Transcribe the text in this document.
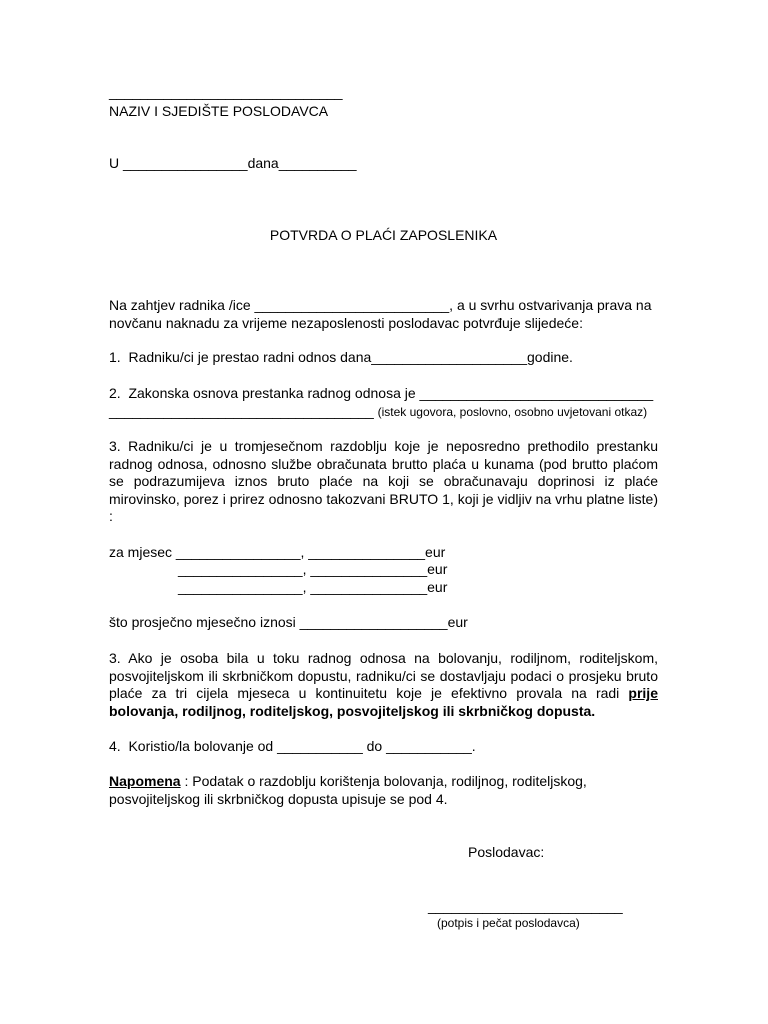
______________________________
NAZIV I SJEDIŠTE POSLODAVCA
U ________________dana__________
POTVRDA O PLAĆI ZAPOSLENIKA
Na zahtjev radnika /ice _________________________, a u svrhu ostvarivanja prava na
novčanu naknadu za vrijeme nezaposlenosti poslodavac potvrđuje slijedeće:
1.  Radniku/ci je prestao radni odnos dana____________________godine.
2.  Zakonska osnova prestanka radnog odnosa je ______________________________
__________________________________ (istek ugovora, poslovno, osobno uvjetovani otkaz)
3. Radniku/ci je u tromjesečnom razdoblju koje je neposredno prethodilo prestanku radnog odnosa, odnosno službe obračunata brutto plaća u kunama (pod brutto plaćom se podrazumijeva iznos bruto plaće na koji se obračunavaju doprinosi iz plaće mirovinsko, porez i prirez odnosno takozvani BRUTO 1, koji je vidljiv na vrhu platne liste) :
za mjesec ________________, _______________eur
________________, _______________eur
________________, _______________eur
što prosječno mjesečno iznosi ___________________eur
3. Ako je osoba bila u toku radnog odnosa na bolovanju, rodiljnom, roditeljskom, posvojiteljskom ili skrbničkom dopustu, radniku/ci se dostavljaju podaci o prosjeku bruto plaće za tri cijela mjeseca u kontinuitetu koje je efektivno provala na radi prije bolovanja, rodiljnog, roditeljskog, posvojiteljskog ili skrbničkog dopusta.
4.  Koristio/la bolovanje od ___________ do ___________.
Napomena : Podatak o razdoblju korištenja bolovanja, rodiljnog, roditeljskog,
posvojiteljskog ili skrbničkog dopusta upisuje se pod 4.
Poslodavac:
_________________________
(potpis i pečat poslodavca)
